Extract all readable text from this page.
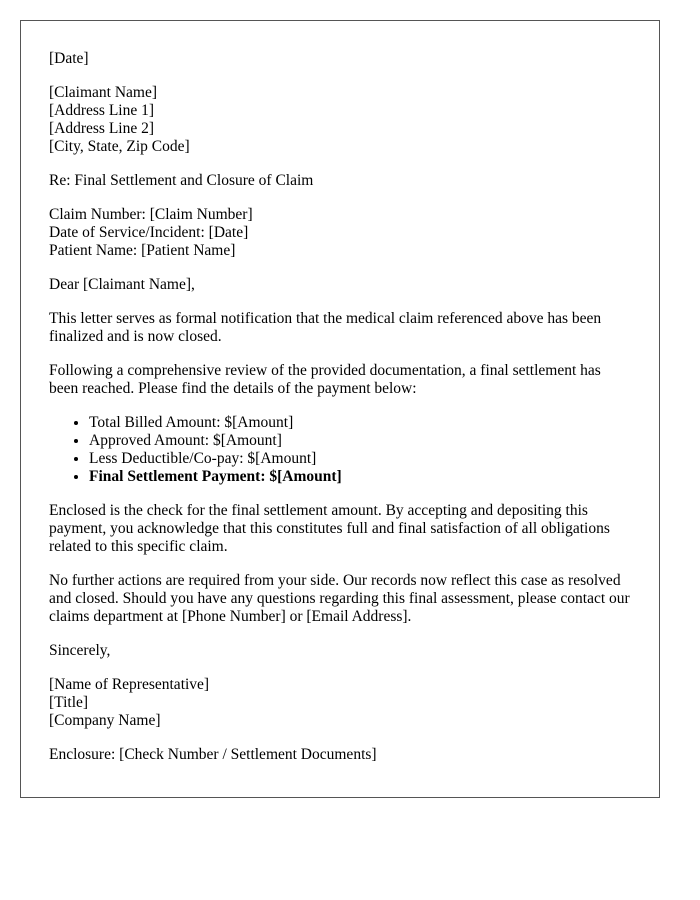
[Date]

[Claimant Name]
[Address Line 1]
[Address Line 2]
[City, State, Zip Code]

Re: Final Settlement and Closure of Claim

Claim Number: [Claim Number]
Date of Service/Incident: [Date]
Patient Name: [Patient Name]

Dear [Claimant Name],

This letter serves as formal notification that the medical claim referenced above has been finalized and is now closed.

Following a comprehensive review of the provided documentation, a final settlement has been reached. Please find the details of the payment below:

• Total Billed Amount: $[Amount]
• Approved Amount: $[Amount]
• Less Deductible/Co-pay: $[Amount]
• Final Settlement Payment: $[Amount]

Enclosed is the check for the final settlement amount. By accepting and depositing this payment, you acknowledge that this constitutes full and final satisfaction of all obligations related to this specific claim.

No further actions are required from your side. Our records now reflect this case as resolved and closed. Should you have any questions regarding this final assessment, please contact our claims department at [Phone Number] or [Email Address].

Sincerely,

[Name of Representative]
[Title]
[Company Name]

Enclosure: [Check Number / Settlement Documents]
